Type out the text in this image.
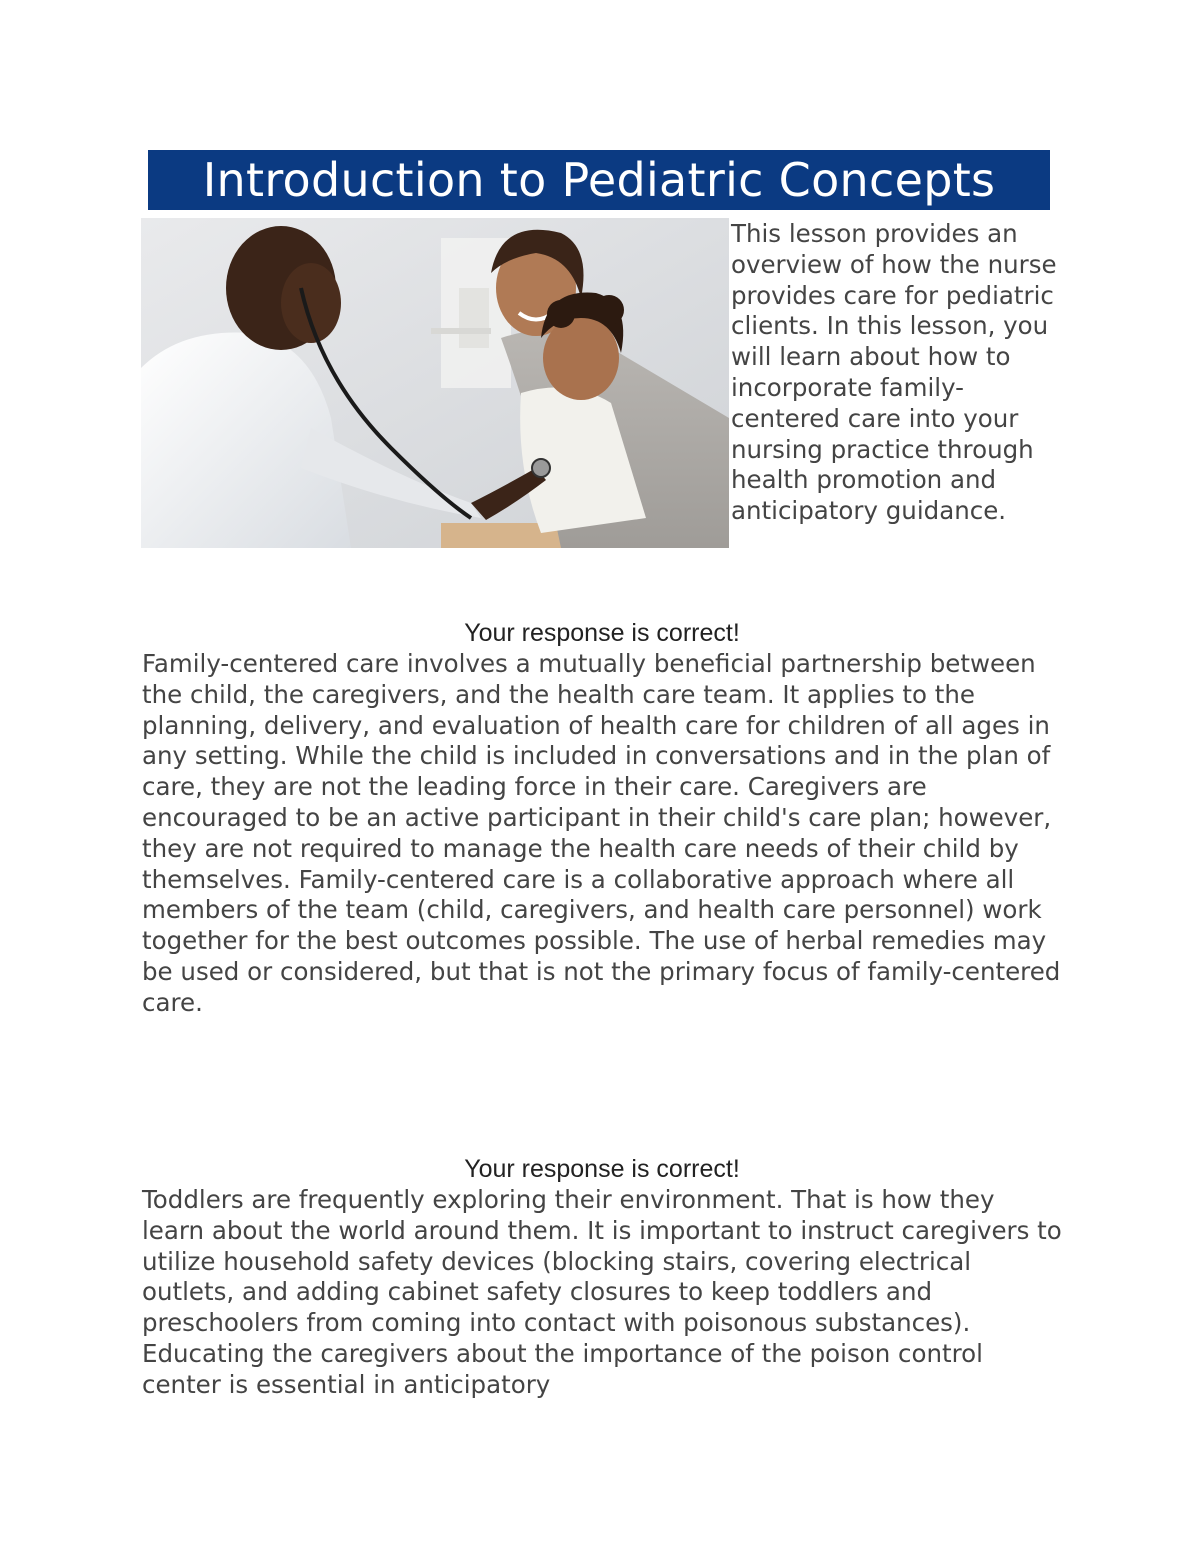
Introduction to Pediatric Concepts
This lesson provides an overview of how the nurse provides care for pediatric clients. In this lesson, you will learn about how to incorporate family-centered care into your nursing practice through health promotion and anticipatory guidance.
Your response is correct!
Family-centered care involves a mutually beneficial partnership between the child, the caregivers, and the health care team. It applies to the planning, delivery, and evaluation of health care for children of all ages in any setting. While the child is included in conversations and in the plan of care, they are not the leading force in their care. Caregivers are encouraged to be an active participant in their child's care plan; however, they are not required to manage the health care needs of their child by themselves. Family-centered care is a collaborative approach where all members of the team (child, caregivers, and health care personnel) work together for the best outcomes possible. The use of herbal remedies may be used or considered, but that is not the primary focus of family-centered care.
Your response is correct!
Toddlers are frequently exploring their environment. That is how they learn about the world around them. It is important to instruct caregivers to utilize household safety devices (blocking stairs, covering electrical outlets, and adding cabinet safety closures to keep toddlers and preschoolers from coming into contact with poisonous substances). Educating the caregivers about the importance of the poison control center is essential in anticipatory
